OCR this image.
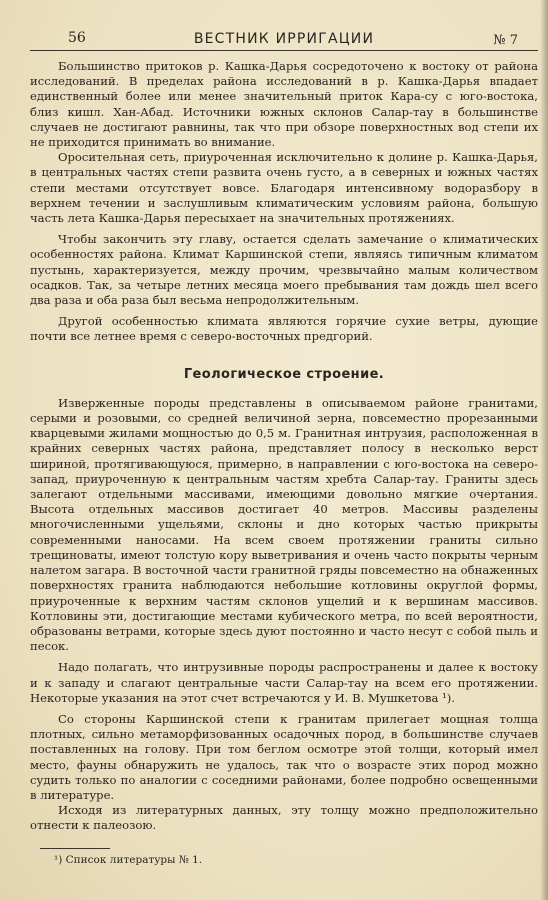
56	ВЕСТНИК ИРРИГАЦИИ	№ 7

Большинство притоков р. Кашка-Дарья сосредоточено к востоку от района исследований. В пределах района исследований в р. Кашка-Дарья впадает единственный более или менее значительный приток Кара-су с юго-востока, близ кишл. Хан-Абад. Источники южных склонов Салар-тау в большинстве случаев не достигают равнины, так что при обзоре поверхностных вод степи их не приходится принимать во внимание.

Оросительная сеть, приуроченная исключительно к долине р. Кашка-Дарья, в центральных частях степи развита очень густо, а в северных и южных частях степи местами отсутствует вовсе. Благодаря интенсивному водоразбору в верхнем течении и заслушливым климатическим условиям района, большую часть лета Кашка-Дарья пересыхает на значительных протяжениях.

Чтобы закончить эту главу, остается сделать замечание о климатических особенностях района. Климат Каршинской степи, являясь типичным климатом пустынь, характеризуется, между прочим, чрезвычайно малым количеством осадков. Так, за четыре летних месяца моего пребывания там дождь шел всего два раза и оба раза был весьма непродолжительным.

Другой особенностью климата являются горячие сухие ветры, дующие почти все летнее время с северо-восточных предгорий.

Геологическое строение.

Изверженные породы представлены в описываемом районе гранитами, серыми и розовыми, со средней величиной зерна, повсеместно прорезанными кварцевыми жилами мощностью до 0,5 м. Гранитная интрузия, расположенная в крайних северных частях района, представляет полосу в несколько верст шириной, протягивающуюся, примерно, в направлении с юго-востока на северо-запад, приуроченную к центральным частям хребта Салар-тау. Граниты здесь залегают отдельными массивами, имеющими довольно мягкие очертания. Высота отдельных массивов достигает 40 метров. Массивы разделены многочисленными ущельями, склоны и дно которых частью прикрыты современными наносами. На всем своем протяжении граниты сильно трещиноваты, имеют толстую кору выветривания и очень часто покрыты черным налетом загара. В восточной части гранитной гряды повсеместно на обнаженных поверхностях гранита наблюдаются небольшие котловины округлой формы, приуроченные к верхним частям склонов ущелий и к вершинам массивов. Котловины эти, достигающие местами кубического метра, по всей вероятности, образованы ветрами, которые здесь дуют постоянно и часто несут с собой пыль и песок.

Надо полагать, что интрузивные породы распространены и далее к востоку и к западу и слагают центральные части Салар-тау на всем его протяжении. Некоторые указания на этот счет встречаются у И. В. Мушкетова ¹).

Со стороны Каршинской степи к гранитам прилегает мощная толща плотных, сильно метаморфизованных осадочных пород, в большинстве случаев поставленных на голову. При том беглом осмотре этой толщи, который имел место, фауны обнаружить не удалось, так что о возрасте этих пород можно судить только по аналогии с соседними районами, более подробно освещенными в литературе.

Исходя из литературных данных, эту толщу можно предположительно отнести к палеозою.

¹) Список литературы № 1.
